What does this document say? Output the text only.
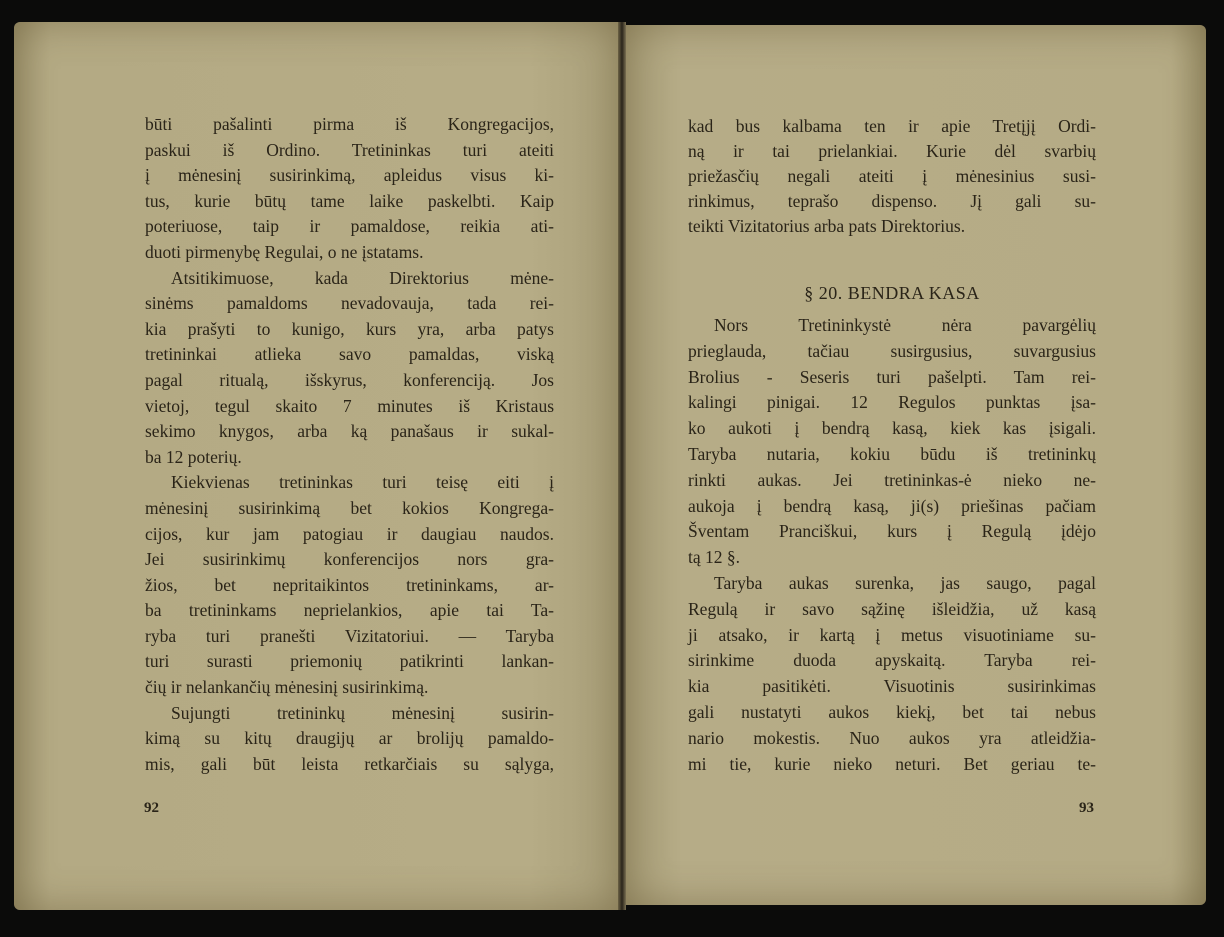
būti pašalinti pirma iš Kongregacijos,
paskui iš Ordino. Tretininkas turi ateiti
į mėnesinį susirinkimą, apleidus visus ki-
tus, kurie būtų tame laike paskelbti. Kaip
poteriuose, taip ir pamaldose, reikia ati-
duoti pirmenybę Regulai, o ne įstatams.
Atsitikimuose, kada Direktorius mėne-
sinėms pamaldoms nevadovauja, tada rei-
kia prašyti to kunigo, kurs yra, arba patys
tretininkai atlieka savo pamaldas, viską
pagal ritualą, išskyrus, konferenciją. Jos
vietoj, tegul skaito 7 minutes iš Kristaus
sekimo knygos, arba ką panašaus ir sukal-
ba 12 poterių.
Kiekvienas tretininkas turi teisę eiti į
mėnesinį susirinkimą bet kokios Kongrega-
cijos, kur jam patogiau ir daugiau naudos.
Jei susirinkimų konferencijos nors gra-
žios, bet nepritaikintos tretininkams, ar-
ba tretininkams neprielankios, apie tai Ta-
ryba turi pranešti Vizitatoriui. — Taryba
turi surasti priemonių patikrinti lankan-
čių ir nelankančių mėnesinį susirinkimą.
Sujungti tretininkų mėnesinį susirin-
kimą su kitų draugijų ar brolijų pamaldo-
mis, gali būt leista retkarčiais su sąlyga,
92
kad bus kalbama ten ir apie Tretįjį Ordi-
ną ir tai prielankiai. Kurie dėl svarbių
priežasčių negali ateiti į mėnesinius susi-
rinkimus, teprašo dispenso. Jį gali su-
teikti Vizitatorius arba pats Direktorius.
§ 20. BENDRA KASA
Nors Tretininkystė nėra pavargėlių
prieglauda, tačiau susirgusius, suvargusius
Brolius - Seseris turi pašelpti. Tam rei-
kalingi pinigai. 12 Regulos punktas įsa-
ko aukoti į bendrą kasą, kiek kas įsigali.
Taryba nutaria, kokiu būdu iš tretininkų
rinkti aukas. Jei tretininkas-ė nieko ne-
aukoja į bendrą kasą, ji(s) priešinas pačiam
Šventam Pranciškui, kurs į Regulą įdėjo
tą 12 §.
Taryba aukas surenka, jas saugo, pagal
Regulą ir savo sąžinę išleidžia, už kasą
ji atsako, ir kartą į metus visuotiniame su-
sirinkime duoda apyskaitą. Taryba rei-
kia pasitikėti. Visuotinis susirinkimas
gali nustatyti aukos kiekį, bet tai nebus
nario mokestis. Nuo aukos yra atleidžia-
mi tie, kurie nieko neturi. Bet geriau te-
93
